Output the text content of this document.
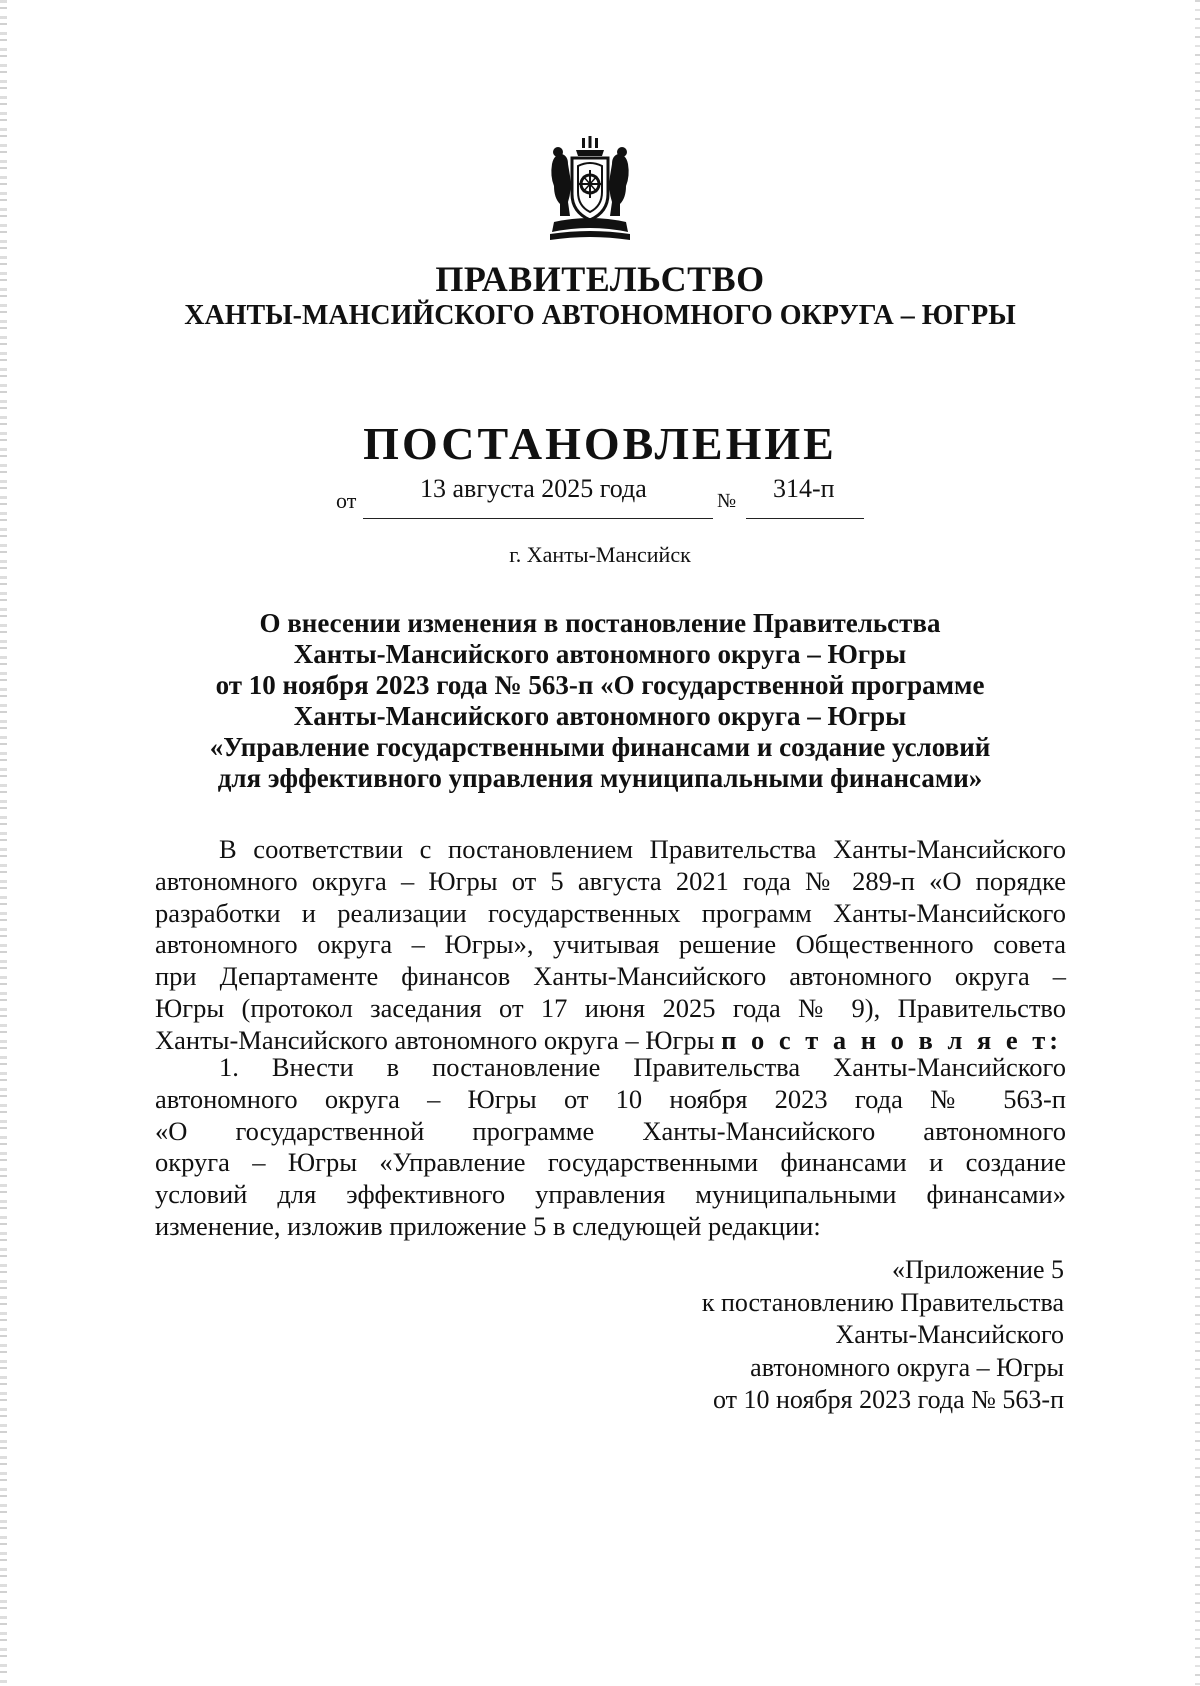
ПРАВИТЕЛЬСТВО
ХАНТЫ-МАНСИЙСКОГО АВТОНОМНОГО ОКРУГА – ЮГРЫ
ПОСТАНОВЛЕНИЕ
от 13 августа 2025 года	№ 314-п
г. Ханты-Мансийск
О внесении изменения в постановление Правительства
Ханты-Мансийского автономного округа – Югры
от 10 ноября 2023 года № 563-п «О государственной программе
Ханты-Мансийского автономного округа – Югры
«Управление государственными финансами и создание условий
для эффективного управления муниципальными финансами»
В соответствии с постановлением Правительства Ханты-Мансийского
автономного округа – Югры от 5 августа 2021 года № 289-п «О порядке
разработки и реализации государственных программ Ханты-Мансийского
автономного округа – Югры», учитывая решение Общественного совета
при Департаменте финансов Ханты-Мансийского автономного округа –
Югры (протокол заседания от 17 июня 2025 года № 9), Правительство
Ханты-Мансийского автономного округа – Югры п о с т а н о в л я е т:
1. Внести в постановление Правительства Ханты-Мансийского
автономного округа – Югры от 10 ноября 2023 года № 563-п
«О государственной программе Ханты-Мансийского автономного
округа – Югры «Управление государственными финансами и создание
условий для эффективного управления муниципальными финансами»
изменение, изложив приложение 5 в следующей редакции:
«Приложение 5
к постановлению Правительства
Ханты-Мансийского
автономного округа – Югры
от 10 ноября 2023 года № 563-п
